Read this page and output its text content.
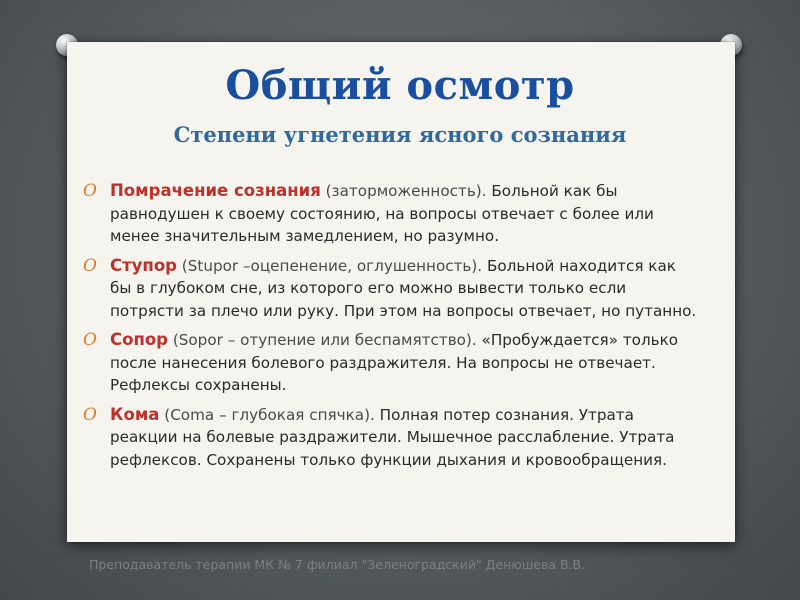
Общий осмотр
Степени угнетения ясного сознания
O Помрачение сознания (заторможенность). Больной как бы равнодушен к своему состоянию, на вопросы отвечает с более или менее значительным замедлением, но разумно.
O Ступор (Stupor –оцепенение, оглушенность). Больной находится как бы в глубоком сне, из которого его можно вывести только если потрясти за плечо или руку. При этом на вопросы отвечает, но путанно.
O Сопор (Sopor – отупение или беспамятство). «Пробуждается» только после нанесения болевого раздражителя. На вопросы не отвечает. Рефлексы сохранены.
O Кома (Coma – глубокая спячка). Полная потер сознания. Утрата реакции на болевые раздражители. Мышечное расслабление. Утрата рефлексов. Сохранены только функции дыхания и кровообращения.
Преподаватель терапии МК № 7 филиал "Зеленоградский" Денюшева В.В.
